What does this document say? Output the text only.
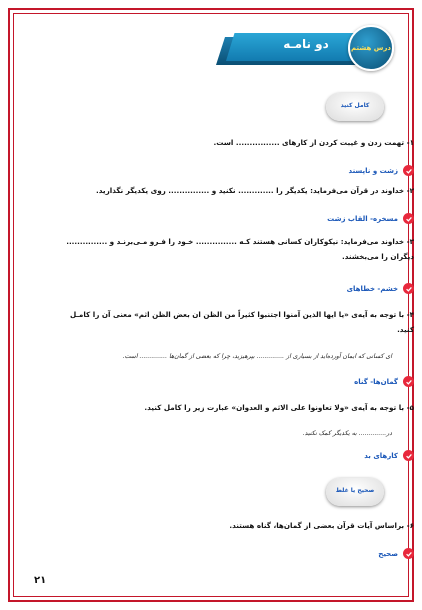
دو نامـه	درس هشتم
کامل کنید
۱- تهمت زدن و غیبت کردن از کارهای ................ است.
زشت و ناپسند
۲- خداوند در قرآن می‌فرماید: یکدیگر را ............. نکنید و ............... روی یکدیگر نگذارید.
مسخره- القاب زشت
۳- خداوند می‌فرماید: نیکوکاران کسانی هستند کـه ............... خـود را فـرو مـی‌برنـد و ............... دیگران را می‌بخشند.
خشم- خطاهای
۴- با توجه به آیه‌ی «یا ایها الذین آمنوا اجتنبوا کثیراً من الظن ان بعض الظن اثم» معنی آن را کامـل کنید.
ای کسانی که ایمان آورده‌اید از بسیاری از .............. بپرهیزید، چرا که بعضی از گمان‌ها .............. است.
گمان‌ها- گناه
۵- با توجه به آیه‌ی «ولا تعاونوا علی الاثم و العدوان» عبارت زیر را کامل کنید.
در.............. به یکدیگر کمک نکنید.
کارهای بد
صحیح یا غلط
۶- براساس آیات قرآن بعضی از گمان‌ها، گناه هستند.
صحیح
۲۱
